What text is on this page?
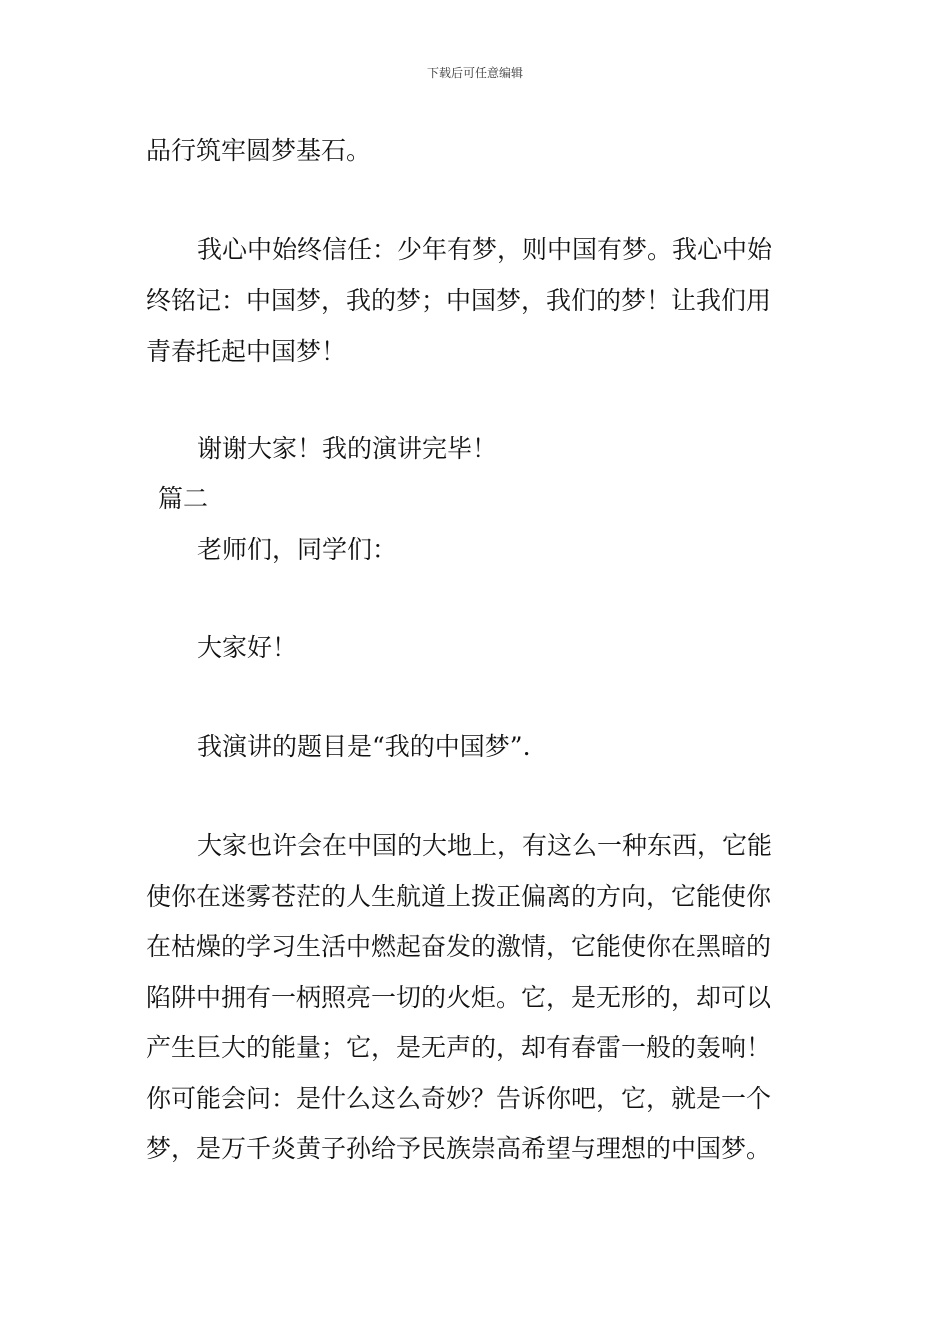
下载后可任意编辑
品行筑牢圆梦基石。
我心中始终信任：少年有梦，则中国有梦。我心中始
终铭记：中国梦，我的梦；中国梦，我们的梦！让我们用
青春托起中国梦！
谢谢大家！我的演讲完毕！
篇二
老师们，同学们：
大家好！
我演讲的题目是“我的中国梦”.
大家也许会在中国的大地上，有这么一种东西，它能
使你在迷雾苍茫的人生航道上拨正偏离的方向，它能使你
在枯燥的学习生活中燃起奋发的激情，它能使你在黑暗的
陷阱中拥有一柄照亮一切的火炬。它，是无形的，却可以
产生巨大的能量；它，是无声的，却有春雷一般的轰响！
你可能会问：是什么这么奇妙？告诉你吧，它，就是一个
梦，是万千炎黄子孙给予民族崇高希望与理想的中国梦。
